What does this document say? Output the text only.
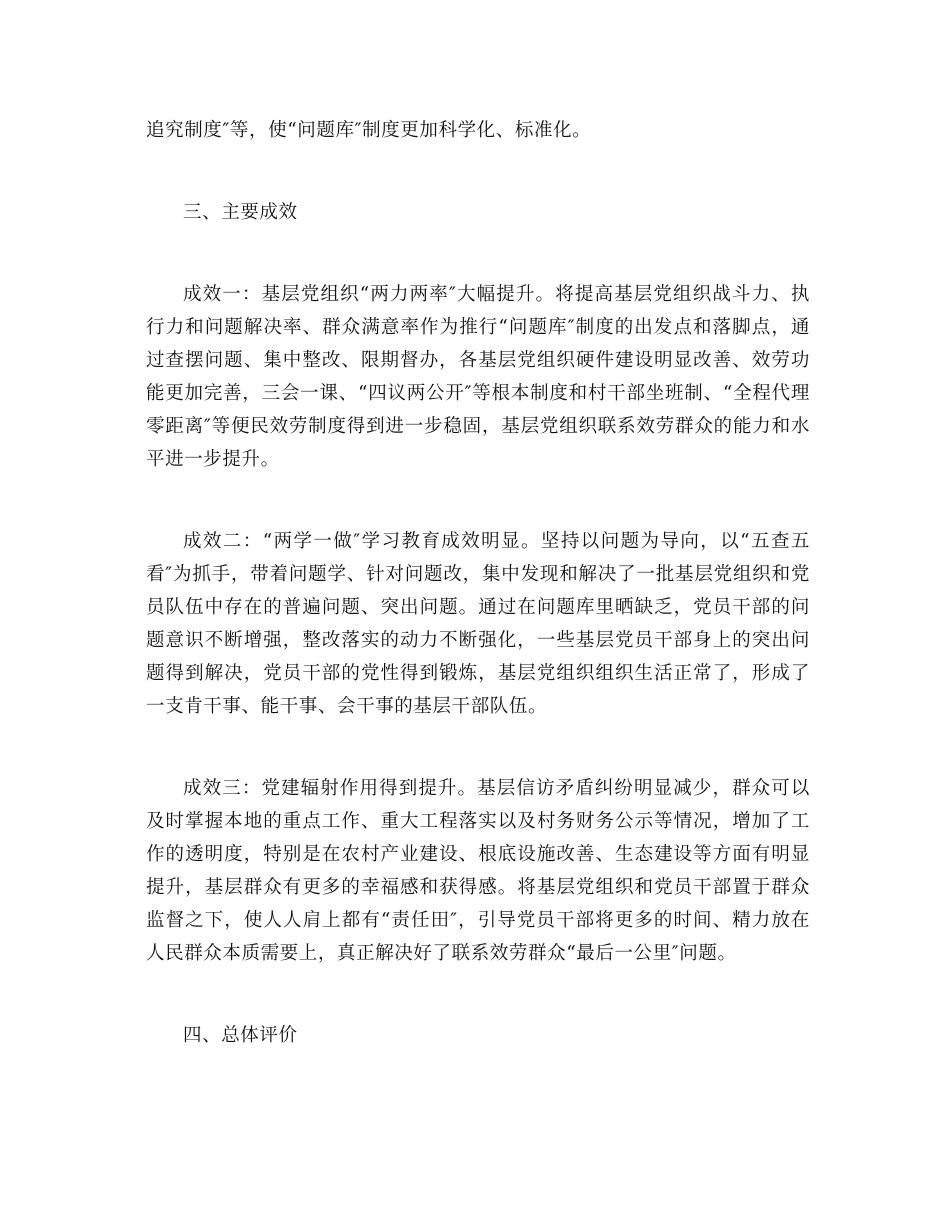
追究制度″等，使“问题库″制度更加科学化、标准化。

三、主要成效

成效一：基层党组织“两力两率″大幅提升。将提高基层党组织战斗力、执行力和问题解决率、群众满意率作为推行“问题库″制度的出发点和落脚点，通过查摆问题、集中整改、限期督办，各基层党组织硬件建设明显改善、效劳功能更加完善，三会一课、“四议两公开″等根本制度和村干部坐班制、“全程代理零距离″等便民效劳制度得到进一步稳固，基层党组织联系效劳群众的能力和水平进一步提升。

成效二：“两学一做″学习教育成效明显。坚持以问题为导向，以“五查五看″为抓手，带着问题学、针对问题改，集中发现和解决了一批基层党组织和党员队伍中存在的普遍问题、突出问题。通过在问题库里晒缺乏，党员干部的问题意识不断增强，整改落实的动力不断强化，一些基层党员干部身上的突出问题得到解决，党员干部的党性得到锻炼，基层党组织组织生活正常了，形成了一支肯干事、能干事、会干事的基层干部队伍。

成效三：党建辐射作用得到提升。基层信访矛盾纠纷明显减少，群众可以及时掌握本地的重点工作、重大工程落实以及村务财务公示等情况，增加了工作的透明度，特别是在农村产业建设、根底设施改善、生态建设等方面有明显提升，基层群众有更多的幸福感和获得感。将基层党组织和党员干部置于群众监督之下，使人人肩上都有“责任田″，引导党员干部将更多的时间、精力放在人民群众本质需要上，真正解决好了联系效劳群众“最后一公里″问题。

四、总体评价
